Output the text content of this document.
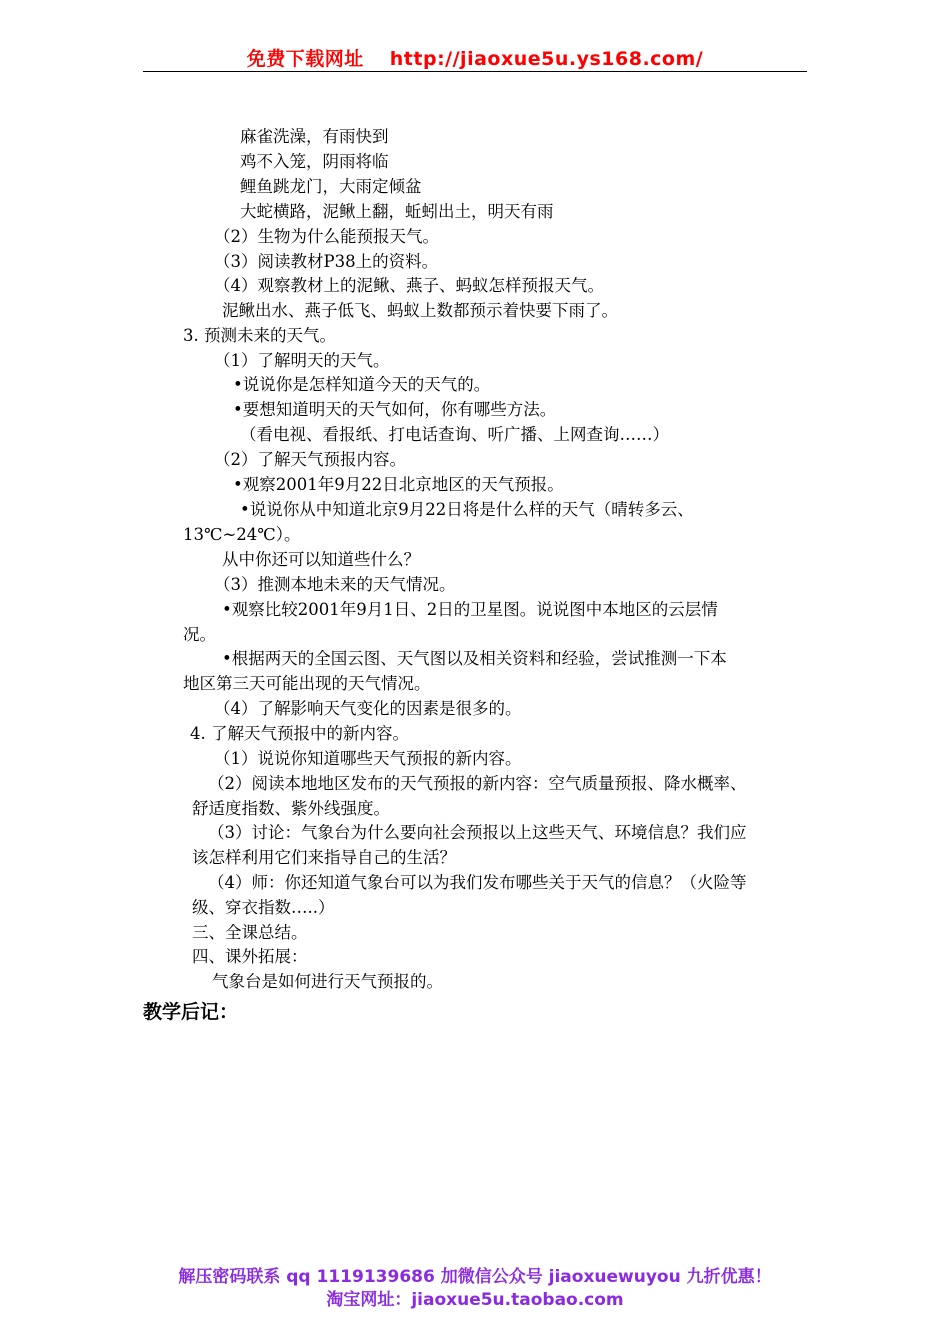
免费下载网址 http://jiaoxue5u.ys168.com/
麻雀洗澡，有雨快到
鸡不入笼，阴雨将临
鲤鱼跳龙门，大雨定倾盆
大蛇横路，泥鳅上翻，蚯蚓出土，明天有雨
（2）生物为什么能预报天气。
（3）阅读教材P38上的资料。
（4）观察教材上的泥鳅、燕子、蚂蚁怎样预报天气。
泥鳅出水、燕子低飞、蚂蚁上数都预示着快要下雨了。
3. 预测未来的天气。
（1）了解明天的天气。
•说说你是怎样知道今天的天气的。
•要想知道明天的天气如何，你有哪些方法。
（看电视、看报纸、打电话查询、听广播、上网查询……）
（2）了解天气预报内容。
•观察2001年9月22日北京地区的天气预报。
•说说你从中知道北京9月22日将是什么样的天气（晴转多云、
13℃~24℃）。
从中你还可以知道些什么？
（3）推测本地未来的天气情况。
•观察比较2001年9月1日、2日的卫星图。说说图中本地区的云层情
况。
•根据两天的全国云图、天气图以及相关资料和经验，尝试推测一下本
地区第三天可能出现的天气情况。
（4）了解影响天气变化的因素是很多的。
4. 了解天气预报中的新内容。
（1）说说你知道哪些天气预报的新内容。
（2）阅读本地地区发布的天气预报的新内容：空气质量预报、降水概率、
舒适度指数、紫外线强度。
（3）讨论：气象台为什么要向社会预报以上这些天气、环境信息？我们应
该怎样利用它们来指导自己的生活？
（4）师：你还知道气象台可以为我们发布哪些关于天气的信息？（火险等
级、穿衣指数…..）
三、全课总结。
四、课外拓展：
气象台是如何进行天气预报的。
教学后记：
解压密码联系 qq 1119139686 加微信公众号 jiaoxuewuyou 九折优惠！
淘宝网址：jiaoxue5u.taobao.com
